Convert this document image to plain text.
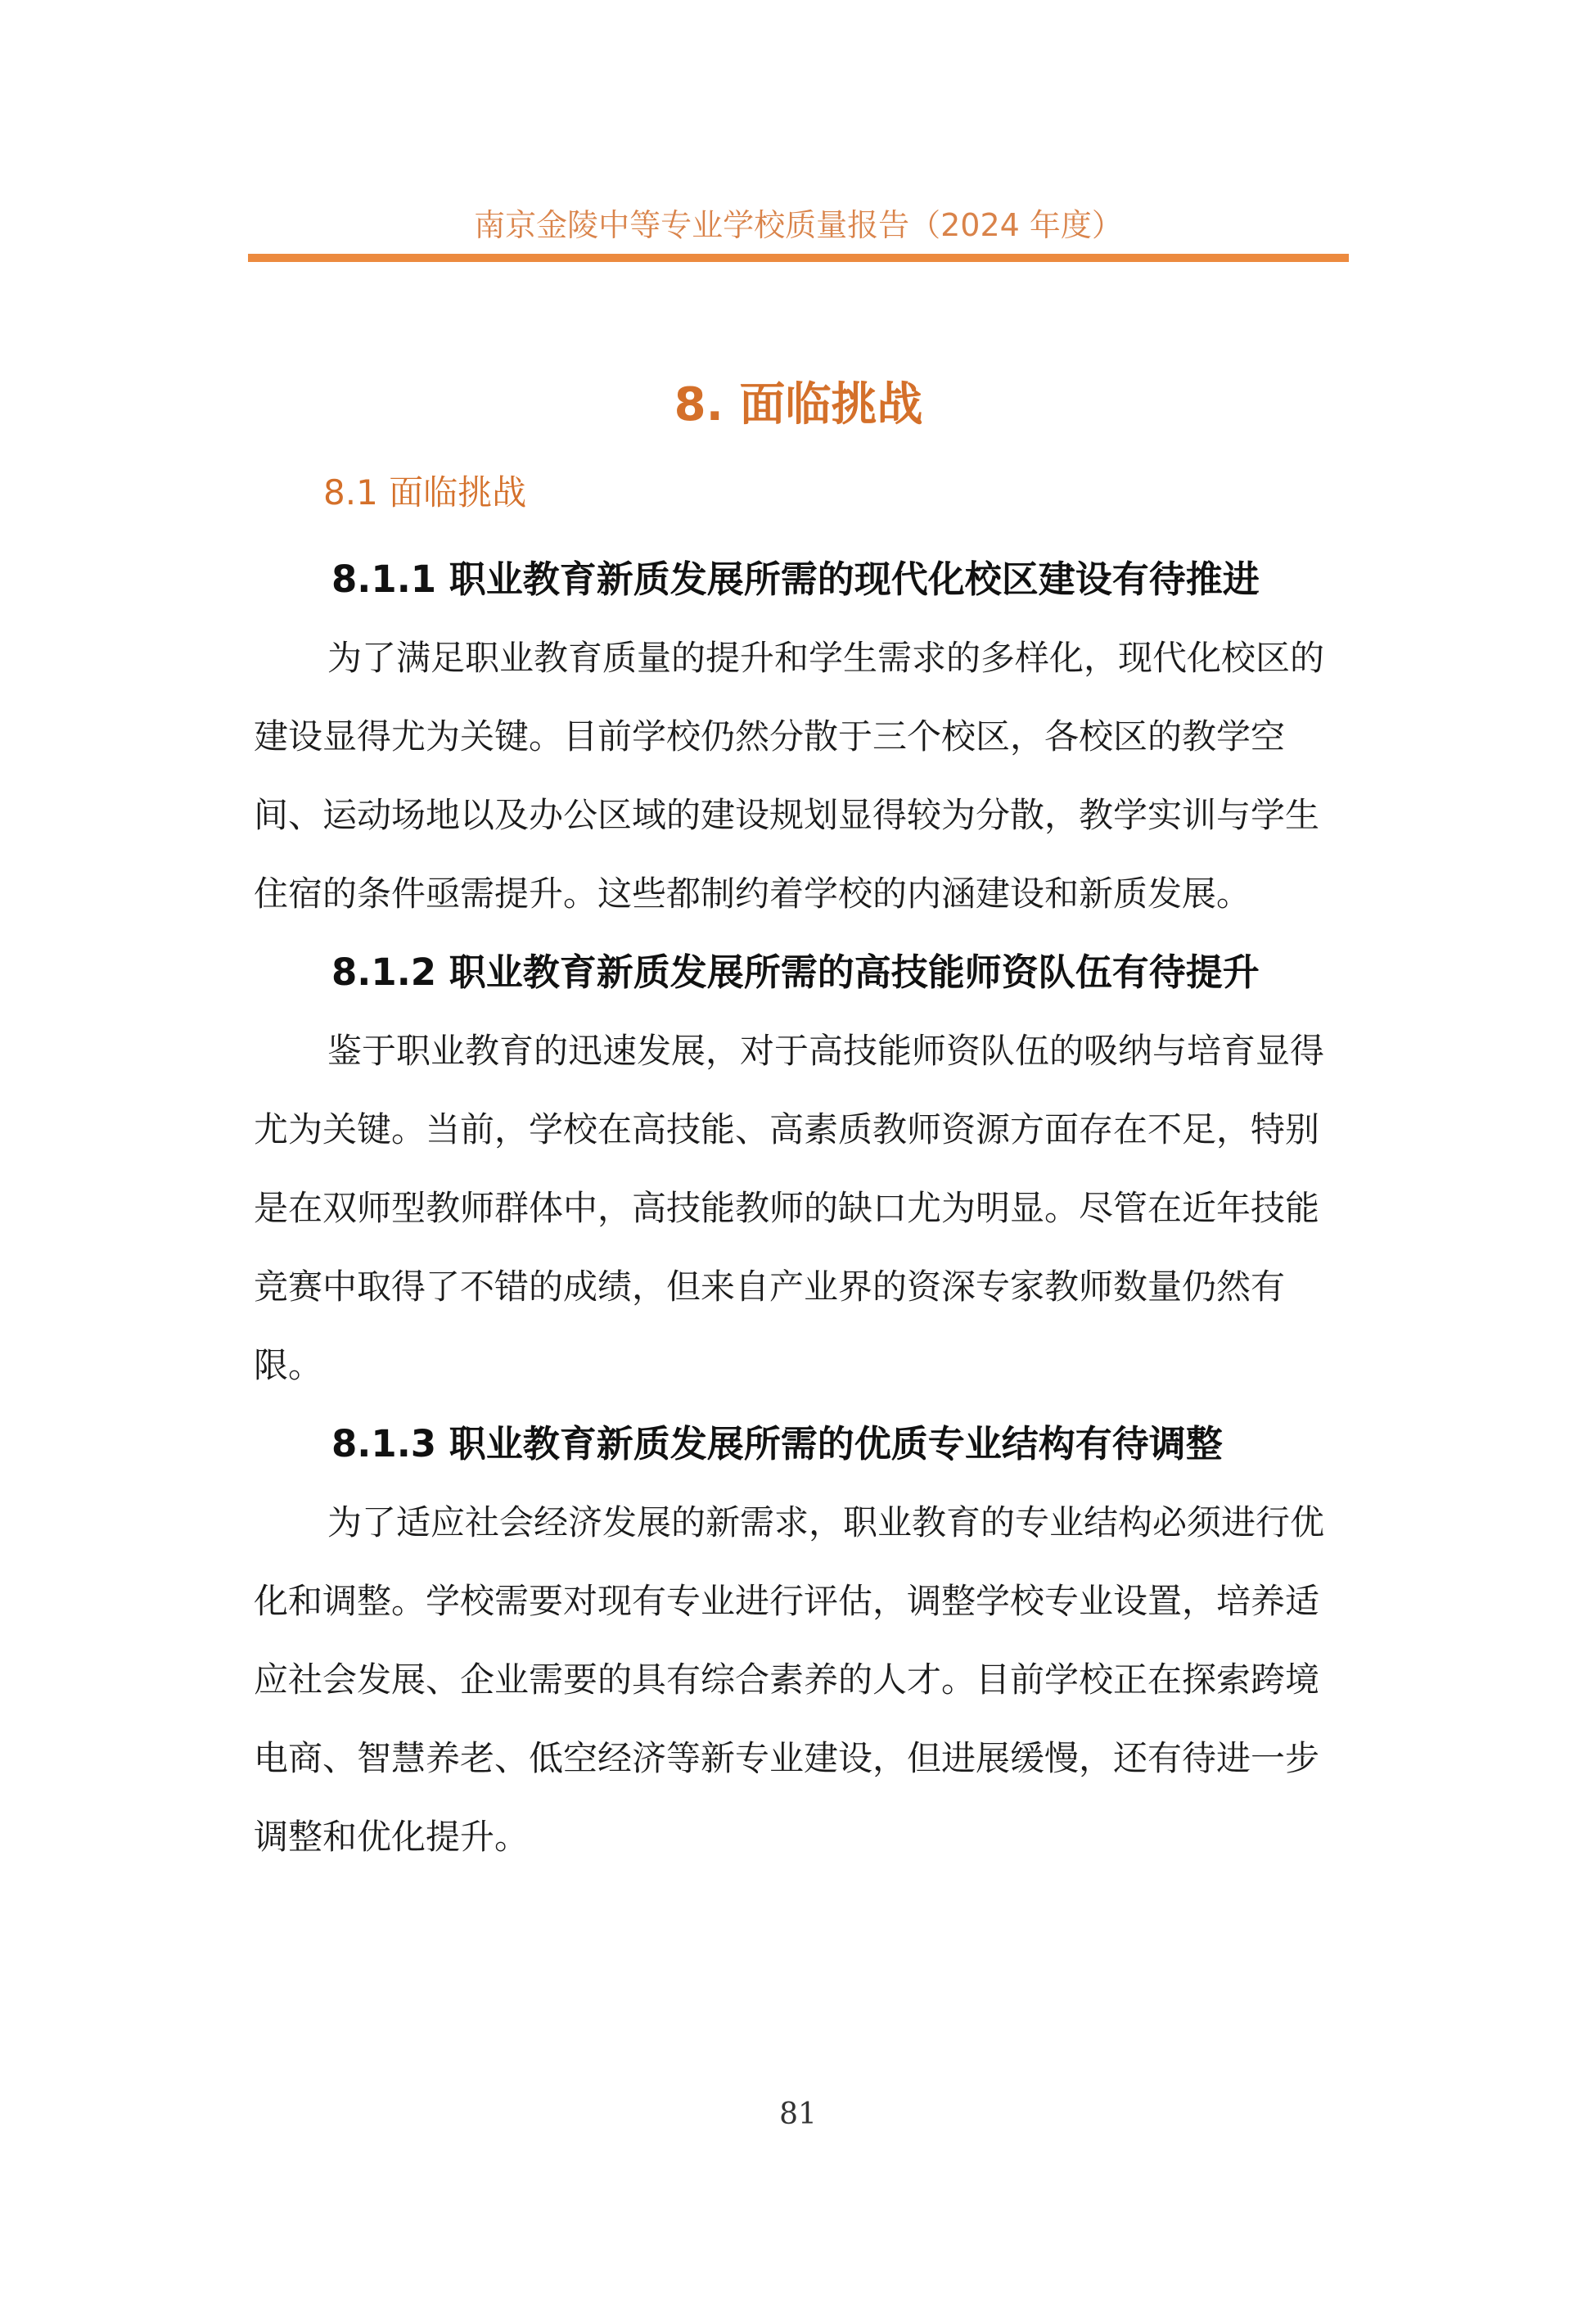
南京金陵中等专业学校质量报告（2024 年度）
8. 面临挑战
8.1 面临挑战

8.1.1 职业教育新质发展所需的现代化校区建设有待推进

为了满足职业教育质量的提升和学生需求的多样化，现代化校区的建设显得尤为关键。目前学校仍然分散于三个校区，各校区的教学空间、运动场地以及办公区域的建设规划显得较为分散，教学实训与学生住宿的条件亟需提升。这些都制约着学校的内涵建设和新质发展。

8.1.2 职业教育新质发展所需的高技能师资队伍有待提升

鉴于职业教育的迅速发展，对于高技能师资队伍的吸纳与培育显得尤为关键。当前，学校在高技能、高素质教师资源方面存在不足，特别是在双师型教师群体中，高技能教师的缺口尤为明显。尽管在近年技能竞赛中取得了不错的成绩，但来自产业界的资深专家教师数量仍然有限。

8.1.3 职业教育新质发展所需的优质专业结构有待调整

为了适应社会经济发展的新需求，职业教育的专业结构必须进行优化和调整。学校需要对现有专业进行评估，调整学校专业设置，培养适应社会发展、企业需要的具有综合素养的人才。目前学校正在探索跨境电商、智慧养老、低空经济等新专业建设，但进展缓慢，还有待进一步调整和优化提升。

81
